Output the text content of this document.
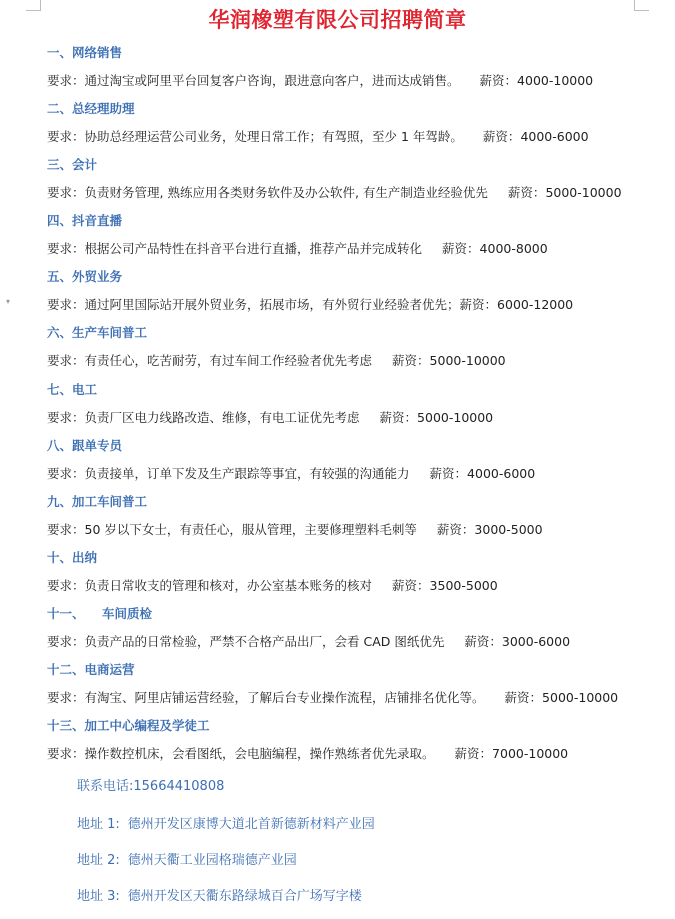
▾
华润橡塑有限公司招聘简章
一、网络销售
要求：通过淘宝或阿里平台回复客户咨询，跟进意向客户，进而达成销售。 薪资：4000-10000
二、总经理助理
要求：协助总经理运营公司业务，处理日常工作；有驾照，至少 1 年驾龄。 薪资：4000-6000
三、会计
要求：负责财务管理, 熟练应用各类财务软件及办公软件, 有生产制造业经验优先 薪资：5000-10000
四、抖音直播
要求：根据公司产品特性在抖音平台进行直播，推荐产品并完成转化 薪资：4000-8000
五、外贸业务
要求：通过阿里国际站开展外贸业务，拓展市场，有外贸行业经验者优先；薪资：6000-12000
六、生产车间普工
要求：有责任心，吃苦耐劳，有过车间工作经验者优先考虑 薪资：5000-10000
七、电工
要求：负责厂区电力线路改造、维修，有电工证优先考虑 薪资：5000-10000
八、跟单专员
要求：负责接单，订单下发及生产跟踪等事宜，有较强的沟通能力 薪资：4000-6000
九、加工车间普工
要求：50 岁以下女士，有责任心，服从管理，主要修理塑料毛刺等 薪资：3000-5000
十、出纳
要求：负责日常收支的管理和核对，办公室基本账务的核对 薪资：3500-5000
十一、 车间质检
要求：负责产品的日常检验，严禁不合格产品出厂，会看 CAD 图纸优先 薪资：3000-6000
十二、电商运营
要求：有淘宝、阿里店铺运营经验，了解后台专业操作流程，店铺排名优化等。 薪资：5000-10000
十三、加工中心编程及学徒工
要求：操作数控机床，会看图纸，会电脑编程，操作熟练者优先录取。 薪资：7000-10000
联系电话:15664410808
地址 1: 德州开发区康博大道北首新德新材料产业园
地址 2: 德州天衢工业园格瑞德产业园
地址 3: 德州开发区天衢东路绿城百合广场写字楼
